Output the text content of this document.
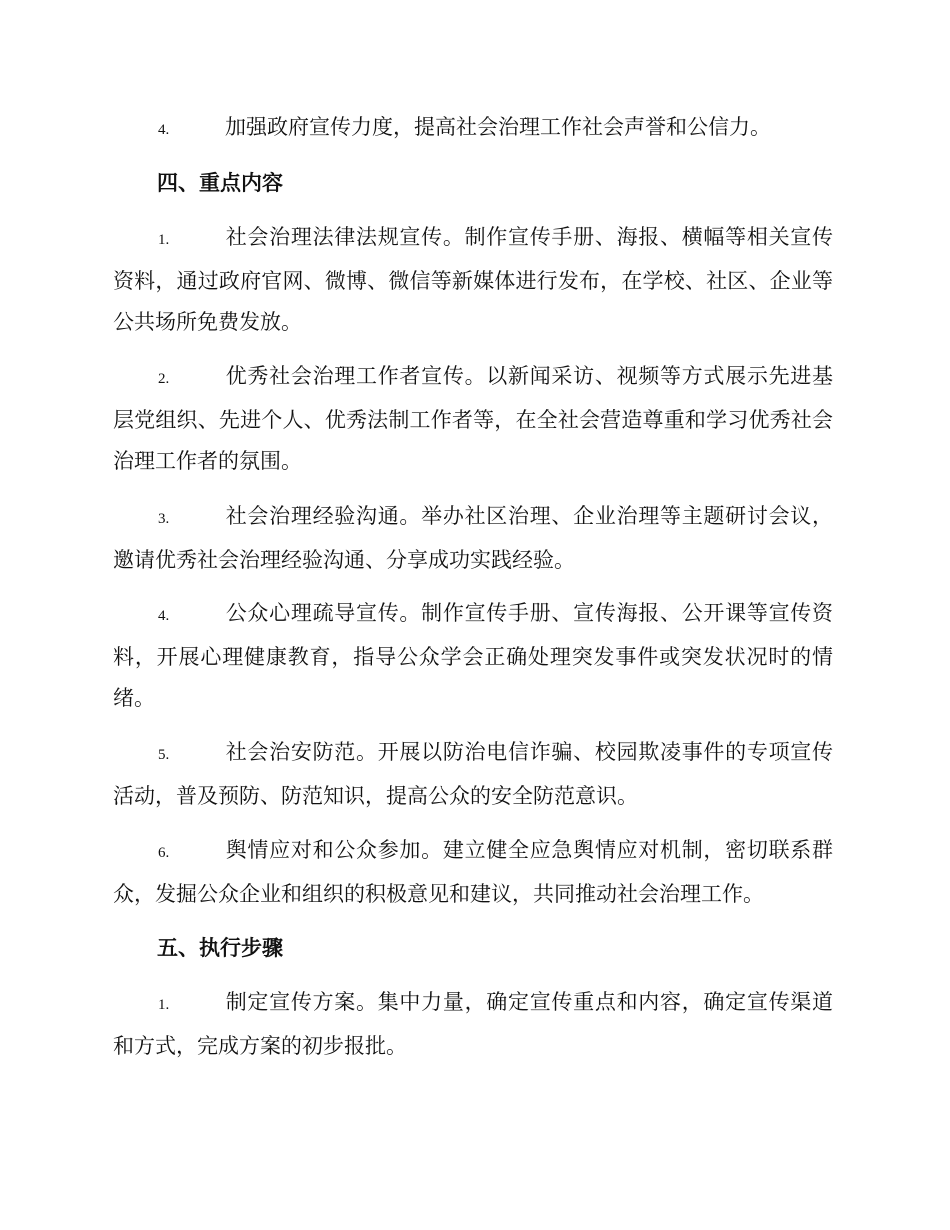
4.	加强政府宣传力度，提高社会治理工作社会声誉和公信力。

四、重点内容

1.	社会治理法律法规宣传。制作宣传手册、海报、横幅等相关宣传资料，通过政府官网、微博、微信等新媒体进行发布，在学校、社区、企业等公共场所免费发放。

2.	优秀社会治理工作者宣传。以新闻采访、视频等方式展示先进基层党组织、先进个人、优秀法制工作者等，在全社会营造尊重和学习优秀社会治理工作者的氛围。

3.	社会治理经验沟通。举办社区治理、企业治理等主题研讨会议，邀请优秀社会治理经验沟通、分享成功实践经验。

4.	公众心理疏导宣传。制作宣传手册、宣传海报、公开课等宣传资料，开展心理健康教育，指导公众学会正确处理突发事件或突发状况时的情绪。

5.	社会治安防范。开展以防治电信诈骗、校园欺凌事件的专项宣传活动，普及预防、防范知识，提高公众的安全防范意识。

6.	舆情应对和公众参加。建立健全应急舆情应对机制，密切联系群众，发掘公众企业和组织的积极意见和建议，共同推动社会治理工作。

五、执行步骤

1.	制定宣传方案。集中力量，确定宣传重点和内容，确定宣传渠道和方式，完成方案的初步报批。
